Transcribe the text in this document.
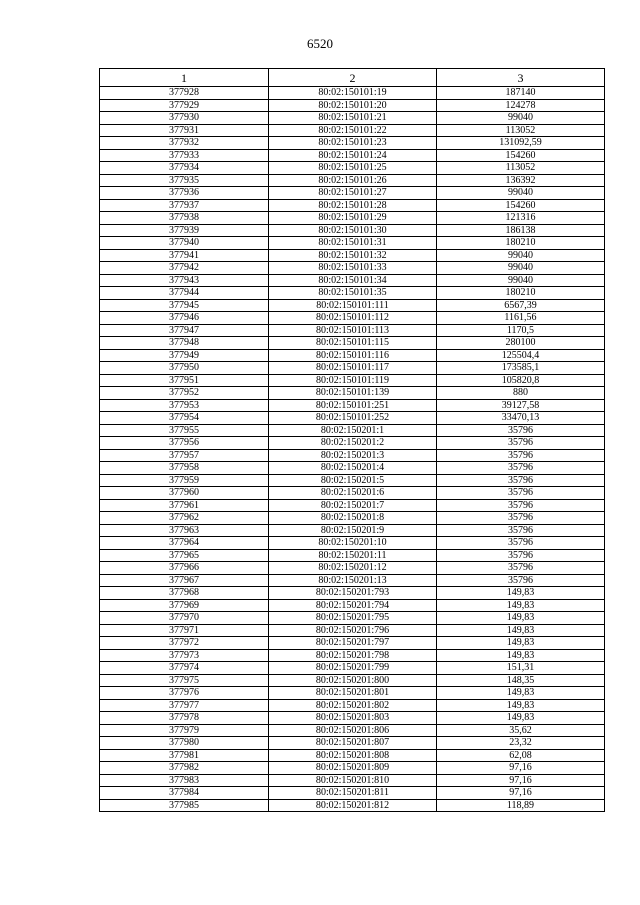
6520
1	2	3
377928	80:02:150101:19	187140
377929	80:02:150101:20	124278
377930	80:02:150101:21	99040
377931	80:02:150101:22	113052
377932	80:02:150101:23	131092,59
377933	80:02:150101:24	154260
377934	80:02:150101:25	113052
377935	80:02:150101:26	136392
377936	80:02:150101:27	99040
377937	80:02:150101:28	154260
377938	80:02:150101:29	121316
377939	80:02:150101:30	186138
377940	80:02:150101:31	180210
377941	80:02:150101:32	99040
377942	80:02:150101:33	99040
377943	80:02:150101:34	99040
377944	80:02:150101:35	180210
377945	80:02:150101:111	6567,39
377946	80:02:150101:112	1161,56
377947	80:02:150101:113	1170,5
377948	80:02:150101:115	280100
377949	80:02:150101:116	125504,4
377950	80:02:150101:117	173585,1
377951	80:02:150101:119	105820,8
377952	80:02:150101:139	880
377953	80:02:150101:251	39127,58
377954	80:02:150101:252	33470,13
377955	80:02:150201:1	35796
377956	80:02:150201:2	35796
377957	80:02:150201:3	35796
377958	80:02:150201:4	35796
377959	80:02:150201:5	35796
377960	80:02:150201:6	35796
377961	80:02:150201:7	35796
377962	80:02:150201:8	35796
377963	80:02:150201:9	35796
377964	80:02:150201:10	35796
377965	80:02:150201:11	35796
377966	80:02:150201:12	35796
377967	80:02:150201:13	35796
377968	80:02:150201:793	149,83
377969	80:02:150201:794	149,83
377970	80:02:150201:795	149,83
377971	80:02:150201:796	149,83
377972	80:02:150201:797	149,83
377973	80:02:150201:798	149,83
377974	80:02:150201:799	151,31
377975	80:02:150201:800	148,35
377976	80:02:150201:801	149,83
377977	80:02:150201:802	149,83
377978	80:02:150201:803	149,83
377979	80:02:150201:806	35,62
377980	80:02:150201:807	23,32
377981	80:02:150201:808	62,08
377982	80:02:150201:809	97,16
377983	80:02:150201:810	97,16
377984	80:02:150201:811	97,16
377985	80:02:150201:812	118,89
